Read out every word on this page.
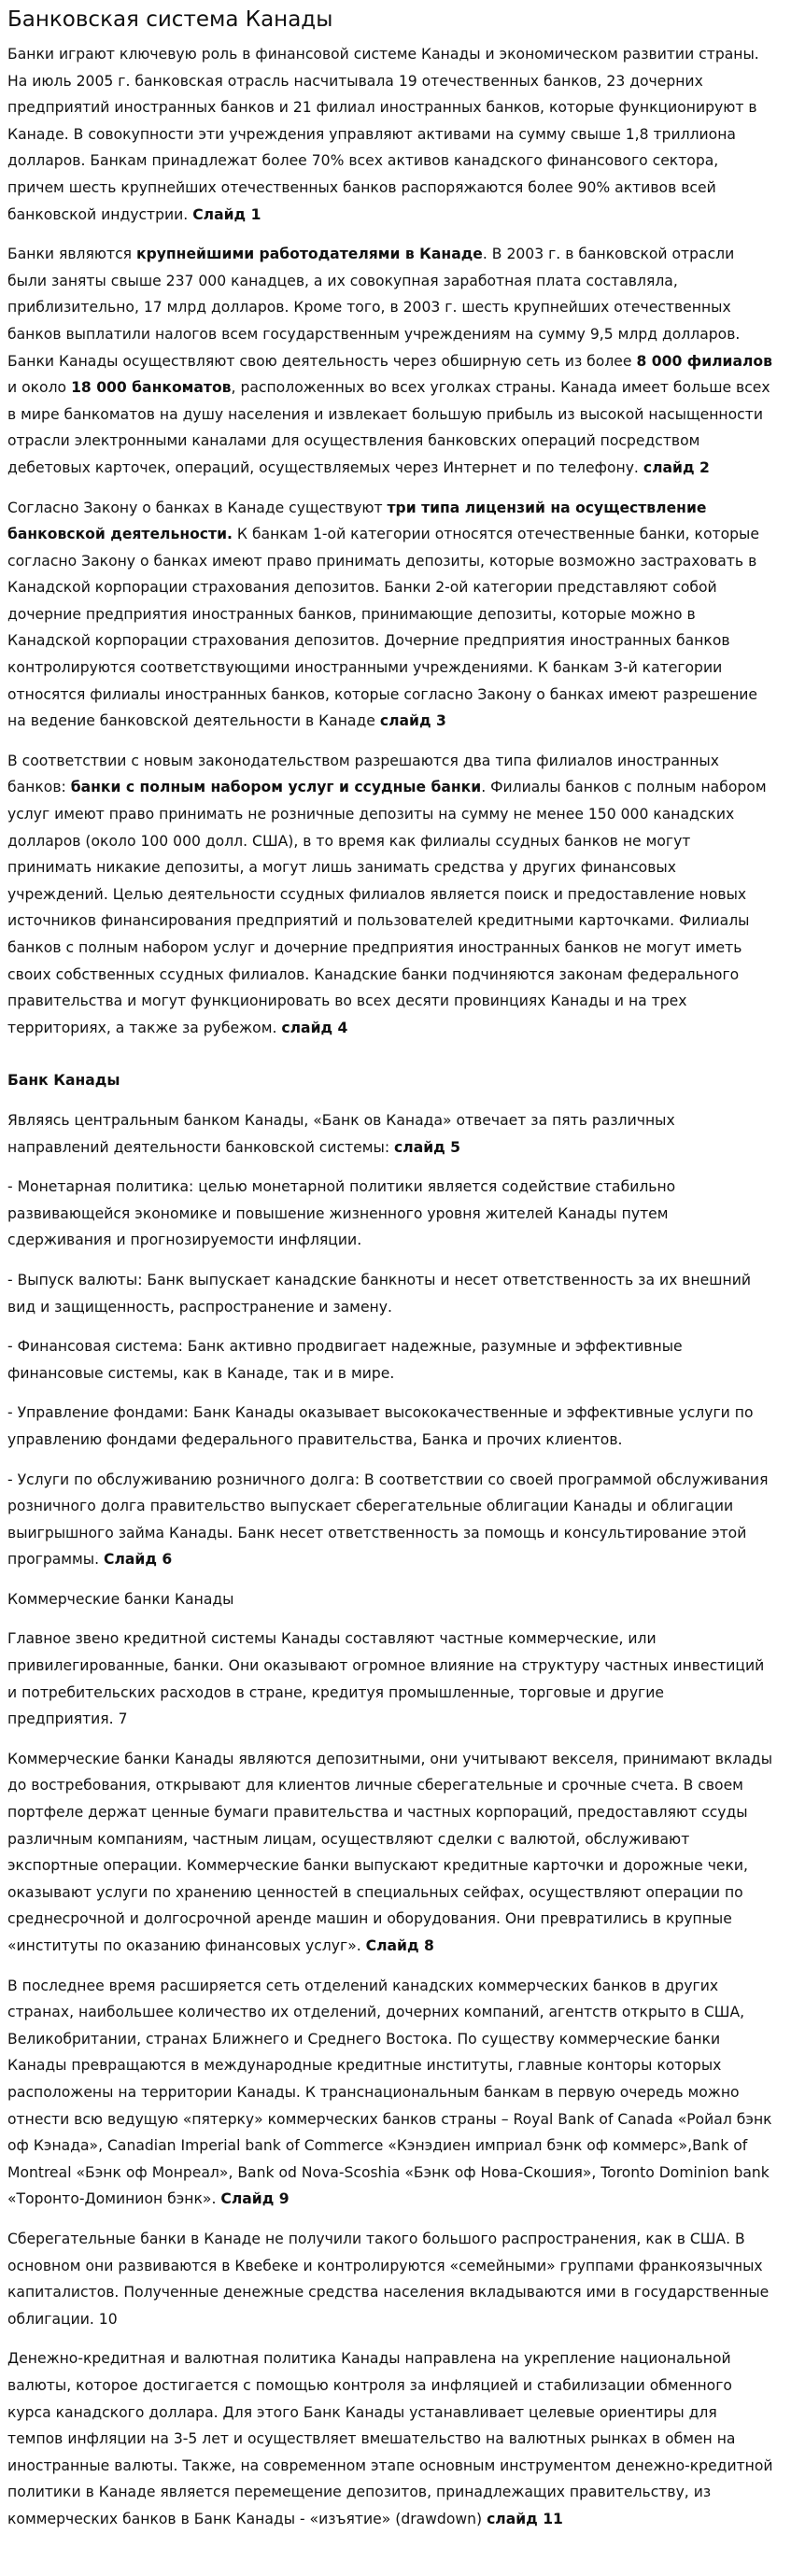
Банковская система Канады

Банки играют ключевую роль в финансовой системе Канады и экономическом развитии страны. На июль 2005 г. банковская отрасль насчитывала 19 отечественных банков, 23 дочерних предприятий иностранных банков и 21 филиал иностранных банков, которые функционируют в Канаде. В совокупности эти учреждения управляют активами на сумму свыше 1,8 триллиона долларов. Банкам принадлежат более 70% всех активов канадского финансового сектора, причем шесть крупнейших отечественных банков распоряжаются более 90% активов всей банковской индустрии. Слайд 1

Банки являются крупнейшими работодателями в Канаде. В 2003 г. в банковской отрасли были заняты свыше 237 000 канадцев, а их совокупная заработная плата составляла, приблизительно, 17 млрд долларов. Кроме того, в 2003 г. шесть крупнейших отечественных банков выплатили налогов всем государственным учреждениям на сумму 9,5 млрд долларов. Банки Канады осуществляют свою деятельность через обширную сеть из более 8 000 филиалов и около 18 000 банкоматов, расположенных во всех уголках страны. Канада имеет больше всех в мире банкоматов на душу населения и извлекает большую прибыль из высокой насыщенности отрасли электронными каналами для осуществления банковских операций посредством дебетовых карточек, операций, осуществляемых через Интернет и по телефону. слайд 2

Согласно Закону о банках в Канаде существуют три типа лицензий на осуществление банковской деятельности. К банкам 1-ой категории относятся отечественные банки, которые согласно Закону о банках имеют право принимать депозиты, которые возможно застраховать в Канадской корпорации страхования депозитов. Банки 2-ой категории представляют собой дочерние предприятия иностранных банков, принимающие депозиты, которые можно в Канадской корпорации страхования депозитов. Дочерние предприятия иностранных банков контролируются соответствующими иностранными учреждениями. К банкам 3-й категории относятся филиалы иностранных банков, которые согласно Закону о банках имеют разрешение на ведение банковской деятельности в Канаде слайд 3

В соответствии с новым законодательством разрешаются два типа филиалов иностранных банков: банки с полным набором услуг и ссудные банки. Филиалы банков с полным набором услуг имеют право принимать не розничные депозиты на сумму не менее 150 000 канадских долларов (около 100 000 долл. США), в то время как филиалы ссудных банков не могут принимать никакие депозиты, а могут лишь занимать средства у других финансовых учреждений. Целью деятельности ссудных филиалов является поиск и предоставление новых источников финансирования предприятий и пользователей кредитными карточками. Филиалы банков с полным набором услуг и дочерние предприятия иностранных банков не могут иметь своих собственных ссудных филиалов. Канадские банки подчиняются законам федерального правительства и могут функционировать во всех десяти провинциях Канады и на трех территориях, а также за рубежом. слайд 4

Банк Канады

Являясь центральным банком Канады, «Банк ов Канада» отвечает за пять различных направлений деятельности банковской системы: слайд 5

- Монетарная политика: целью монетарной политики является содействие стабильно развивающейся экономике и повышение жизненного уровня жителей Канады путем сдерживания и прогнозируемости инфляции.

- Выпуск валюты: Банк выпускает канадские банкноты и несет ответственность за их внешний вид и защищенность, распространение и замену.

- Финансовая система: Банк активно продвигает надежные, разумные и эффективные финансовые системы, как в Канаде, так и в мире.

- Управление фондами: Банк Канады оказывает высококачественные и эффективные услуги по управлению фондами федерального правительства, Банка и прочих клиентов.

- Услуги по обслуживанию розничного долга: В соответствии со своей программой обслуживания розничного долга правительство выпускает сберегательные облигации Канады и облигации выигрышного займа Канады. Банк несет ответственность за помощь и консультирование этой программы. Слайд 6

Коммерческие банки Канады

Главное звено кредитной системы Канады составляют частные коммерческие, или привилегированные, банки. Они оказывают огромное влияние на структуру частных инвестиций и потребительских расходов в стране, кредитуя промышленные, торговые и другие предприятия. 7

Коммерческие банки Канады являются депозитными, они учитывают векселя, принимают вклады до востребования, открывают для клиентов личные сберегательные и срочные счета. В своем портфеле держат ценные бумаги правительства и частных корпораций, предоставляют ссуды различным компаниям, частным лицам, осуществляют сделки с валютой, обслуживают экспортные операции. Коммерческие банки выпускают кредитные карточки и дорожные чеки, оказывают услуги по хранению ценностей в специальных сейфах, осуществляют операции по среднесрочной и долгосрочной аренде машин и оборудования. Они превратились в крупные «институты по оказанию финансовых услуг». Слайд 8

В последнее время расширяется сеть отделений канадских коммерческих банков в других странах, наибольшее количество их отделений, дочерних компаний, агентств открыто в США, Великобритании, странах Ближнего и Среднего Востока. По существу коммерческие банки Канады превращаются в международные кредитные институты, главные конторы которых расположены на территории Канады. К транснациональным банкам в первую очередь можно отнести всю ведущую «пятерку» коммерческих банков страны – Royal Bank of Canada «Ройал бэнк оф Кэнада», Canadian Imperial bank of Commerce «Кэнэдиен имприал бэнк оф коммерс»,Bank of Montreal «Бэнк оф Монреал», Bank od Nova-Scoshia «Бэнк оф Нова-Скошия», Toronto Dominion bank «Торонто-Доминион бэнк». Слайд 9

Сберегательные банки в Канаде не получили такого большого распространения, как в США. В основном они развиваются в Квебеке и контролируются «семейными» группами франкоязычных капиталистов. Полученные денежные средства населения вкладываются ими в государственные облигации. 10

Денежно-кредитная и валютная политика Канады направлена на укрепление национальной валюты, которое достигается с помощью контроля за инфляцией и стабилизации обменного курса канадского доллара. Для этого Банк Канады устанавливает целевые ориентиры для темпов инфляции на 3-5 лет и осуществляет вмешательство на валютных рынках в обмен на иностранные валюты. Также, на современном этапе основным инструментом денежно-кредитной политики в Канаде является перемещение депозитов, принадлежащих правительству, из коммерческих банков в Банк Канады - «изъятие» (drawdown) слайд 11
